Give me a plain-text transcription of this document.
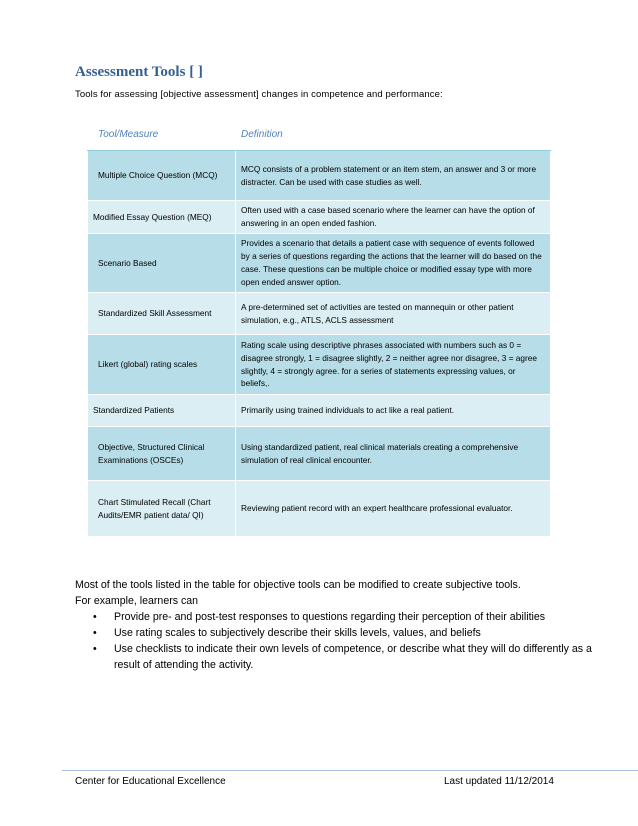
Assessment Tools [ ]
Tools for assessing [objective assessment] changes in competence and performance:
Tool/Measure	Definition
Multiple Choice Question (MCQ)	MCQ consists of a problem statement or an item stem, an answer and 3 or more distracter. Can be used with case studies as well.
Modified Essay Question (MEQ)	Often used with a case based scenario where the learner can have the option of answering in an open ended fashion.
Scenario Based	Provides a scenario that details a patient case with sequence of events followed by a series of questions regarding the actions that the learner will do based on the case. These questions can be multiple choice or modified essay type with more open ended answer option.
Standardized Skill Assessment	A pre-determined set of activities are tested on mannequin or other patient simulation, e.g., ATLS, ACLS assessment
Likert (global) rating scales	Rating scale using descriptive phrases associated with numbers such as 0 = disagree strongly, 1 = disagree slightly, 2 = neither agree nor disagree, 3 = agree slightly, 4 = strongly agree. for a series of statements expressing values, or beliefs,.
Standardized Patients	Primarily using trained individuals to act like a real patient.
Objective, Structured Clinical Examinations (OSCEs)	Using standardized patient, real clinical materials creating a comprehensive simulation of real clinical encounter.
Chart Stimulated Recall (Chart Audits/EMR patient data/ QI)	Reviewing patient record with an expert healthcare professional evaluator.
Most of the tools listed in the table for objective tools can be modified to create subjective tools.
For example, learners can
• Provide pre- and post-test responses to questions regarding their perception of their abilities
• Use rating scales to subjectively describe their skills levels, values, and beliefs
• Use checklists to indicate their own levels of competence, or describe what they will do differently as a result of attending the activity.
Center for Educational Excellence	Last updated 11/12/2014
